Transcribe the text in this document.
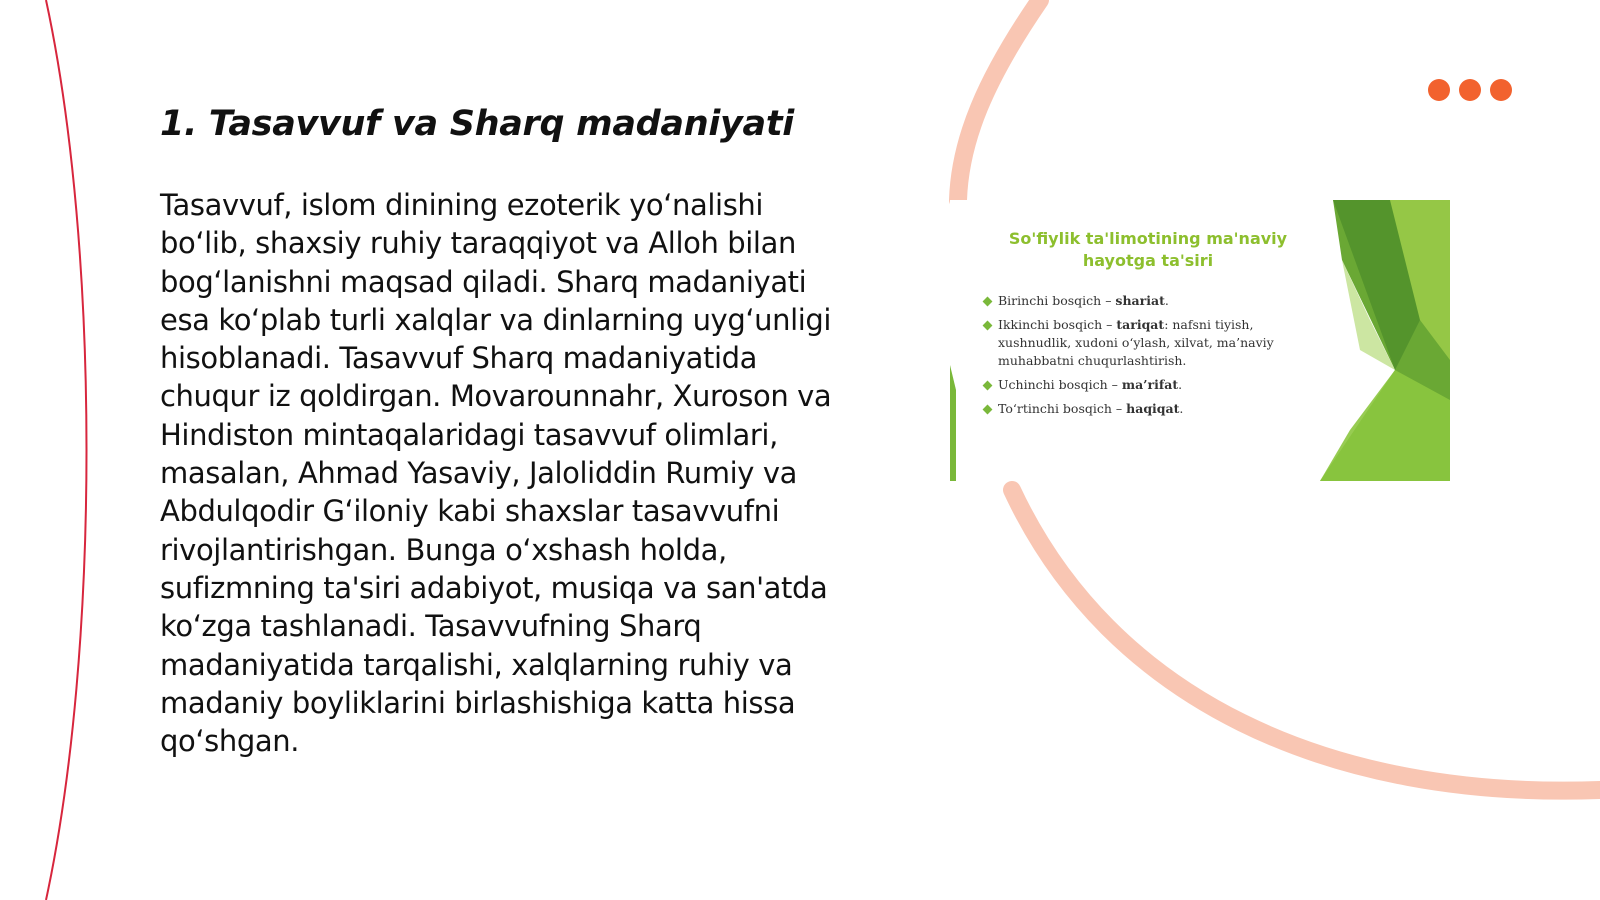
1. Tasavvuf va Sharq madaniyati

Tasavvuf, islom dinining ezoterik yo‘nalishi bo‘lib, shaxsiy ruhiy taraqqiyot va Alloh bilan bog‘lanishni maqsad qiladi. Sharq madaniyati esa ko‘plab turli xalqlar va dinlarning uyg‘unligi hisoblanadi. Tasavvuf Sharq madaniyatida chuqur iz qoldirgan. Movarounnahr, Xuroson va Hindiston mintaqalaridagi tasavvuf olimlari, masalan, Ahmad Yasaviy, Jaloliddin Rumiy va Abdulqodir G‘iloniy kabi shaxslar tasavvufni rivojlantirishgan. Bunga o‘xshash holda, sufizmning ta'siri adabiyot, musiqa va san'atda ko‘zga tashlanadi. Tasavvufning Sharq madaniyatida tarqalishi, xalqlarning ruhiy va madaniy boyliklarini birlashishiga katta hissa qo‘shgan.

So'fiylik ta'limotining ma'naviy hayotga ta'siri

Birinchi bosqich – shariat.
Ikkinchi bosqich – tariqat: nafsni tiyish, xushnudlik, xudoni o‘ylash, xilvat, ma’naviy muhabbatni chuqurlashtirish.
Uchinchi bosqich – ma’rifat.
To‘rtinchi bosqich – haqiqat.
